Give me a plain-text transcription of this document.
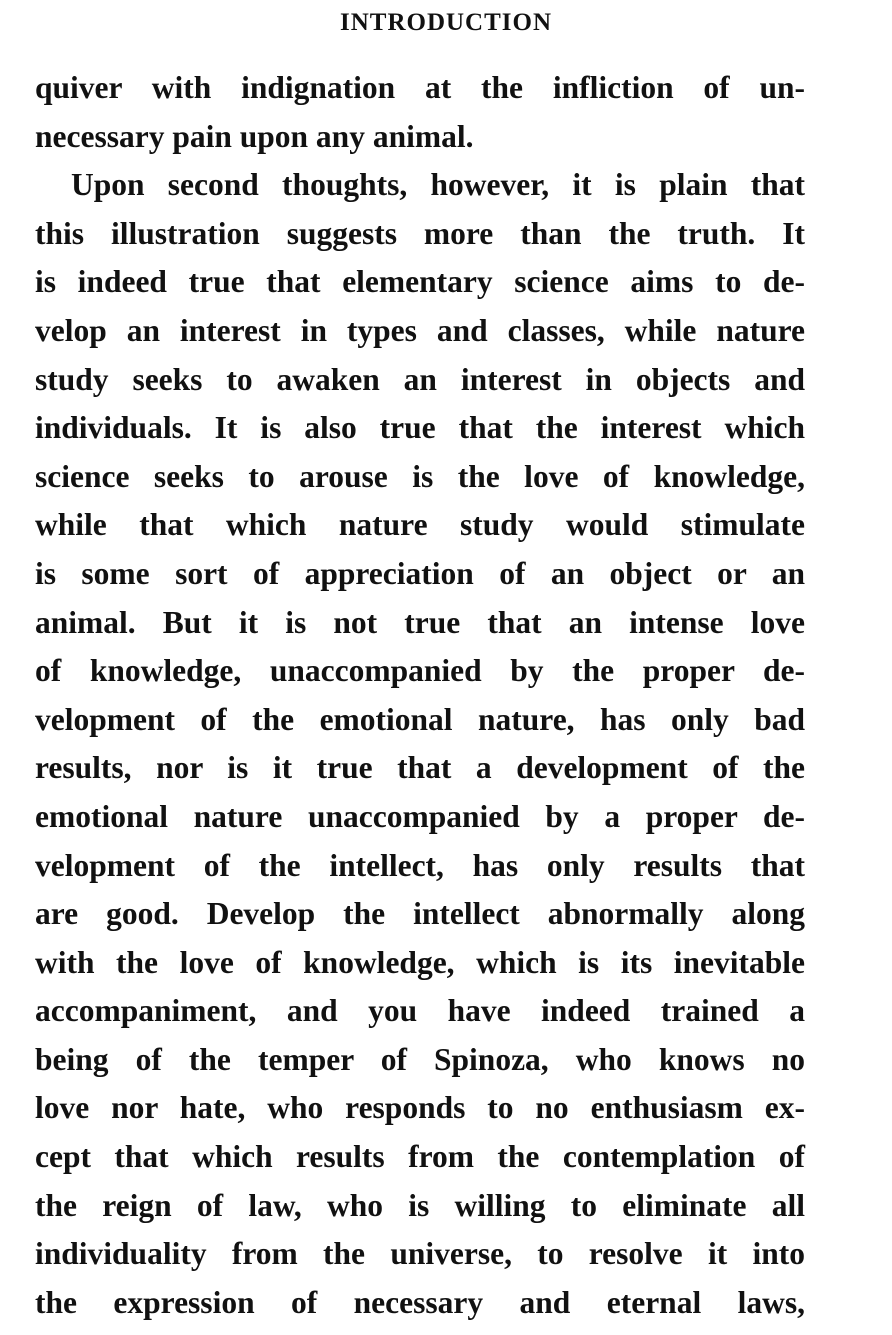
INTRODUCTION
quiver with indignation at the infliction of un-
necessary pain upon any animal.
Upon second thoughts, however, it is plain that
this illustration suggests more than the truth. It
is indeed true that elementary science aims to de-
velop an interest in types and classes, while nature
study seeks to awaken an interest in objects and
individuals. It is also true that the interest which
science seeks to arouse is the love of knowledge,
while that which nature study would stimulate
is some sort of appreciation of an object or an
animal. But it is not true that an intense love
of knowledge, unaccompanied by the proper de-
velopment of the emotional nature, has only bad
results, nor is it true that a development of the
emotional nature unaccompanied by a proper de-
velopment of the intellect, has only results that
are good. Develop the intellect abnormally along
with the love of knowledge, which is its inevitable
accompaniment, and you have indeed trained a
being of the temper of Spinoza, who knows no
love nor hate, who responds to no enthusiasm ex-
cept that which results from the contemplation of
the reign of law, who is willing to eliminate all
individuality from the universe, to resolve it into
the expression of necessary and eternal laws,
